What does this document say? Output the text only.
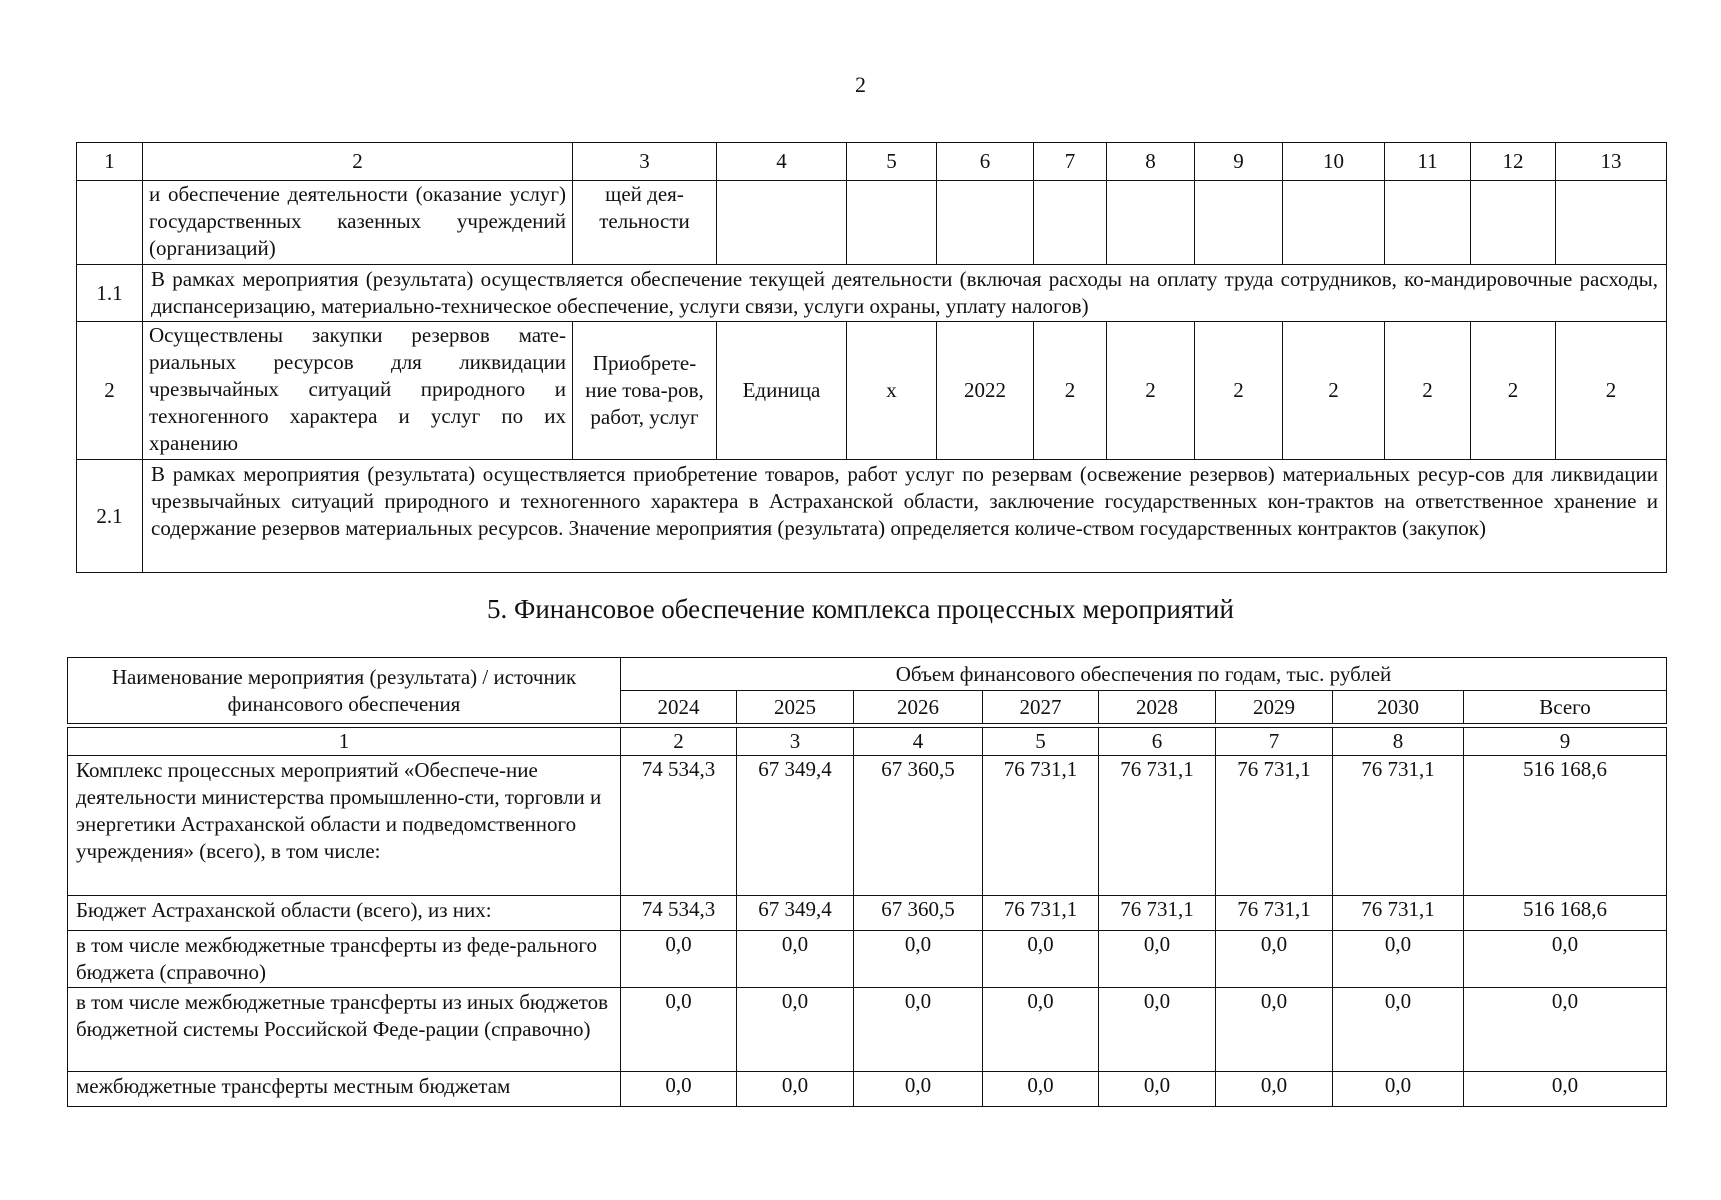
2
1	2	3	4	5	6	7	8	9	10	11	12	13
	и обеспечение деятельности (оказание услуг) государственных казенных учреждений (организаций)	щей дея-тельности										
1.1	В рамках мероприятия (результата) осуществляется обеспечение текущей деятельности (включая расходы на оплату труда сотрудников, ко-мандировочные расходы, диспансеризацию, материально-техническое обеспечение, услуги связи, услуги охраны, уплату налогов)											
2	Осуществлены закупки резервов мате-риальных ресурсов для ликвидации чрезвычайных ситуаций природного и техногенного характера и услуг по их хранению	Приобрете-ние това-ров, работ, услуг	Единица	х	2022	2	2	2	2	2	2	2
2.1	В рамках мероприятия (результата) осуществляется приобретение товаров, работ услуг по резервам (освежение резервов) материальных ресур-сов для ликвидации чрезвычайных ситуаций природного и техногенного характера в Астраханской области, заключение государственных кон-трактов на ответственное хранение и содержание резервов материальных ресурсов. Значение мероприятия (результата) определяется количе-ством государственных контрактов (закупок)											
5. Финансовое обеспечение комплекса процессных мероприятий
Наименование мероприятия (результата) / источник финансового обеспечения	Объем финансового обеспечения по годам, тыс. рублей							
	2024	2025	2026	2027	2028	2029	2030	Всего

1	2	3	4	5	6	7	8	9
Комплекс процессных мероприятий «Обеспече-ние деятельности министерства промышленно-сти, торговли и энергетики Астраханской области и подведомственного учреждения» (всего), в том числе:	74 534,3	67 349,4	67 360,5	76 731,1	76 731,1	76 731,1	76 731,1	516 168,6
Бюджет Астраханской области (всего), из них:	74 534,3	67 349,4	67 360,5	76 731,1	76 731,1	76 731,1	76 731,1	516 168,6
в том числе межбюджетные трансферты из феде-рального бюджета (справочно)	0,0	0,0	0,0	0,0	0,0	0,0	0,0	0,0
в том числе межбюджетные трансферты из иных бюджетов бюджетной системы Российской Феде-рации (справочно)	0,0	0,0	0,0	0,0	0,0	0,0	0,0	0,0
межбюджетные трансферты местным бюджетам	0,0	0,0	0,0	0,0	0,0	0,0	0,0	0,0
